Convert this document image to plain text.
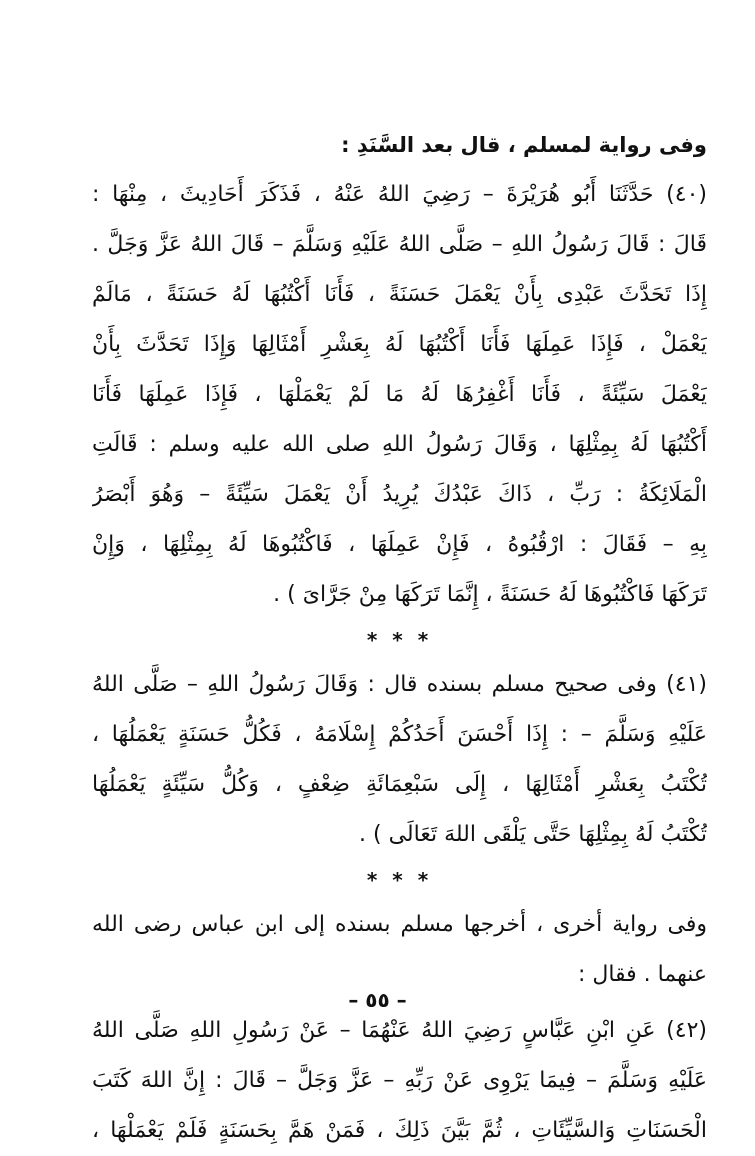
وفى رواية لمسلم ، قال بعد السَّنَدِ :
(٤٠) حَدَّثَنَا أَبُو هُرَيْرَةَ – رَضِيَ اللهُ عَنْهُ ، فَذَكَرَ أَحَادِيثَ ، مِنْهَا :
قَالَ : قَالَ رَسُولُ اللهِ – صَلَّى اللهُ عَلَيْهِ وَسَلَّمَ – قَالَ اللهُ عَزَّ وَجَلَّ .
إِذَا تَحَدَّثَ عَبْدِى بِأَنْ يَعْمَلَ حَسَنَةً ، فَأَنَا أَكْتُبُهَا لَهُ حَسَنَةً ، مَالَمْ
يَعْمَلْ ، فَإِذَا عَمِلَهَا فَأَنَا أَكْتُبُهَا لَهُ بِعَشْرِ أَمْثَالِهَا وَإِذَا تَحَدَّثَ بِأَنْ
يَعْمَلَ سَيِّئَةً ، فَأَنَا أَغْفِرُهَا لَهُ مَا لَمْ يَعْمَلْهَا ، فَإِذَا عَمِلَهَا فَأَنَا
أَكْتُبُهَا لَهُ بِمِثْلِهَا ، وَقَالَ رَسُولُ اللهِ صلى الله عليه وسلم : قَالَتِ
الْمَلَائِكَةُ : رَبِّ ، ذَاكَ عَبْدُكَ يُرِيدُ أَنْ يَعْمَلَ سَيِّئَةً – وَهُوَ أَبْصَرُ
بِهِ – فَقَالَ : ارْقُبُوهُ ، فَإِنْ عَمِلَهَا ، فَاكْتُبُوهَا لَهُ بِمِثْلِهَا ، وَإِنْ
تَرَكَهَا فَاكْتُبُوهَا لَهُ حَسَنَةً ، إِنَّمَا تَرَكَهَا مِنْ جَرَّاىَ ) .
* * *
(٤١) وفى صحيح مسلم بسنده قال : وَقَالَ رَسُولُ اللهِ – صَلَّى اللهُ
عَلَيْهِ وَسَلَّمَ – : إِذَا أَحْسَنَ أَحَدُكُمْ إِسْلَامَهُ ، فَكُلُّ حَسَنَةٍ يَعْمَلُهَا ،
تُكْتَبُ بِعَشْرِ أَمْثَالِهَا ، إِلَى سَبْعِمَائَةِ ضِعْفٍ ، وَكُلُّ سَيِّئَةٍ يَعْمَلُهَا
تُكْتَبُ لَهُ بِمِثْلِهَا حَتَّى يَلْقَى اللهَ تَعَالَى ) .
* * *
وفى رواية أخرى ، أخرجها مسلم بسنده إلى ابن عباس رضى الله
عنهما . فقال :
(٤٢) عَنِ ابْنِ عَبَّاسٍ رَضِيَ اللهُ عَنْهُمَا – عَنْ رَسُولِ اللهِ صَلَّى اللهُ
عَلَيْهِ وَسَلَّمَ – فِيمَا يَرْوِى عَنْ رَبِّهِ – عَزَّ وَجَلَّ – قَالَ : إِنَّ اللهَ كَتَبَ
الْحَسَنَاتِ وَالسَّيِّئَاتِ ، ثُمَّ بَيَّنَ ذَلِكَ ، فَمَنْ هَمَّ بِحَسَنَةٍ فَلَمْ يَعْمَلْهَا ،
– ٥٥ –
